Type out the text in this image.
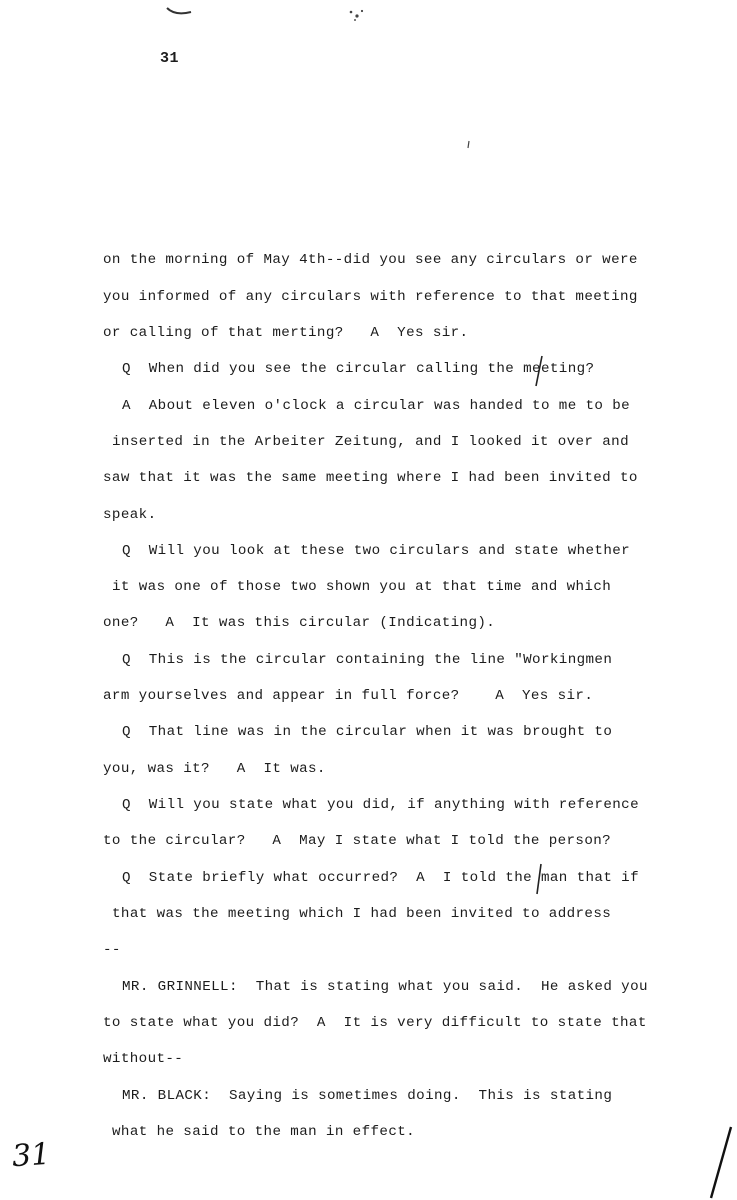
31
on the morning of May 4th--did you see any circulars or were
you informed of any circulars with reference to that meeting
or calling of that merting?   A  Yes sir.
Q  When did you see the circular calling the meeting?
A  About eleven o'clock a circular was handed to me to be
inserted in the Arbeiter Zeitung, and I looked it over and
saw that it was the same meeting where I had been invited to
speak.
Q  Will you look at these two circulars and state whether
it was one of those two shown you at that time and which
one?   A  It was this circular (Indicating).
Q  This is the circular containing the line "Workingmen
arm yourselves and appear in full force?    A  Yes sir.
Q  That line was in the circular when it was brought to
you, was it?   A  It was.
Q  Will you state what you did, if anything with reference
to the circular?   A  May I state what I told the person?
Q  State briefly what occurred?  A  I told the man that if
that was the meeting which I had been invited to address
--
MR. GRINNELL:  That is stating what you said.  He asked you
to state what you did?  A  It is very difficult to state that
without--
MR. BLACK:  Saying is sometimes doing.  This is stating
what he said to the man in effect.
31
